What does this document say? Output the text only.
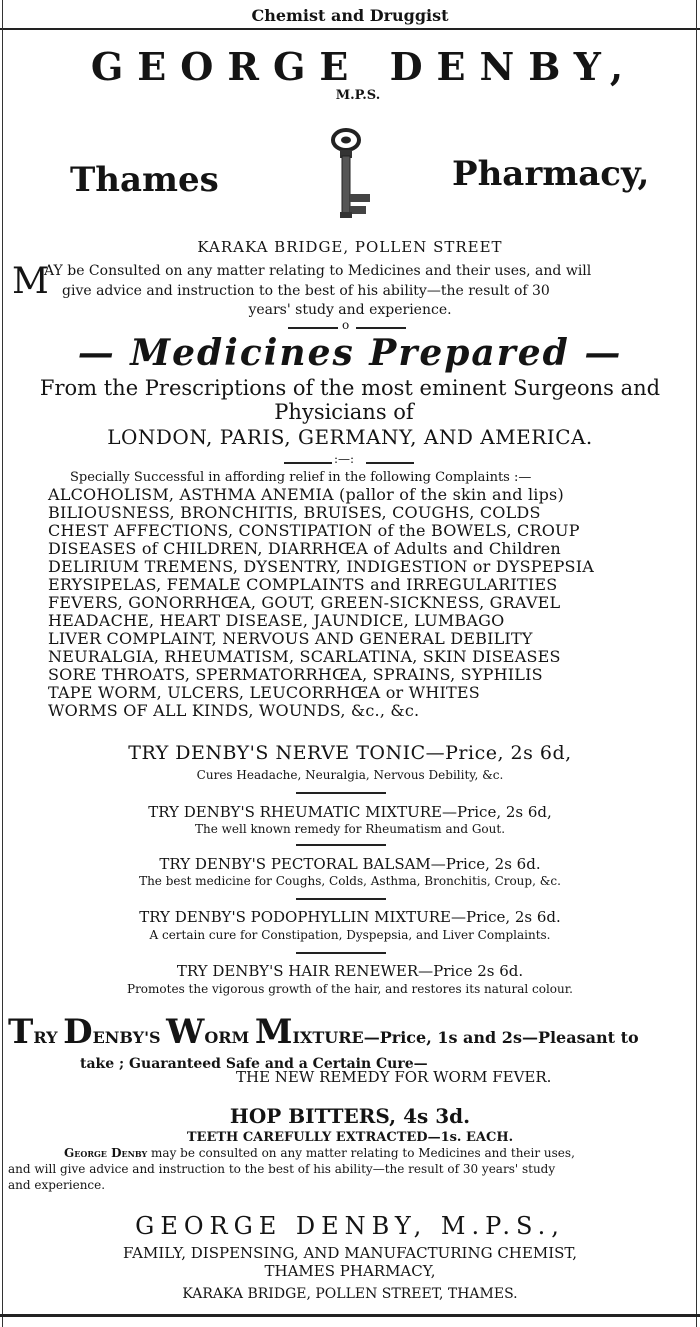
Chemist and Druggist
GEORGE DENBY,
M.P.S.
Thames	Pharmacy,
KARAKA BRIDGE, POLLEN STREET
M
AY be Consulted on any matter relating to Medicines and their uses, and will
give advice and instruction to the best of his ability—the result of 30
years' study and experience.
o
— Medicines Prepared —
From the Prescriptions of the most eminent Surgeons and
Physicians of
LONDON, PARIS, GERMANY, AND AMERICA.
:—:
Specially Successful in affording relief in the following Complaints :—
ALCOHOLISM, ASTHMA ANEMIA (pallor of the skin and lips)
BILIOUSNESS, BRONCHITIS, BRUISES, COUGHS, COLDS
CHEST AFFECTIONS, CONSTIPATION of the BOWELS, CROUP
DISEASES of CHILDREN, DIARRHŒA of Adults and Children
DELIRIUM TREMENS, DYSENTRY, INDIGESTION or DYSPEPSIA
ERYSIPELAS, FEMALE COMPLAINTS and IRREGULARITIES
FEVERS, GONORRHŒA, GOUT, GREEN-SICKNESS, GRAVEL
HEADACHE, HEART DISEASE, JAUNDICE, LUMBAGO
LIVER COMPLAINT, NERVOUS AND GENERAL DEBILITY
NEURALGIA, RHEUMATISM, SCARLATINA, SKIN DISEASES
SORE THROATS, SPERMATORRHŒA, SPRAINS, SYPHILIS
TAPE WORM, ULCERS, LEUCORRHŒA or WHITES
WORMS OF ALL KINDS, WOUNDS, &c., &c.
TRY DENBY'S NERVE TONIC—Price, 2s 6d,
Cures Headache, Neuralgia, Nervous Debility, &c.
TRY DENBY'S RHEUMATIC MIXTURE—Price, 2s 6d,
The well known remedy for Rheumatism and Gout.
TRY DENBY'S PECTORAL BALSAM—Price, 2s 6d.
The best medicine for Coughs, Colds, Asthma, Bronchitis, Croup, &c.
TRY DENBY'S PODOPHYLLIN MIXTURE—Price, 2s 6d.
A certain cure for Constipation, Dyspepsia, and Liver Complaints.
TRY DENBY'S HAIR RENEWER—Price 2s 6d.
Promotes the vigorous growth of the hair, and restores its natural colour.
TRY DENBY'S WORM MIXTURE—Price, 1s and 2s—Pleasant to
take ; Guaranteed Safe and a Certain Cure—
THE NEW REMEDY FOR WORM FEVER.
HOP BITTERS, 4s 3d.
TEETH CAREFULLY EXTRACTED—1s. EACH.
George Denby may be consulted on any matter relating to Medicines and their uses,
and will give advice and instruction to the best of his ability—the result of 30 years' study
and experience.
GEORGE DENBY, M.P.S.,
FAMILY, DISPENSING, AND MANUFACTURING CHEMIST,
THAMES PHARMACY,
KARAKA BRIDGE, POLLEN STREET, THAMES.
